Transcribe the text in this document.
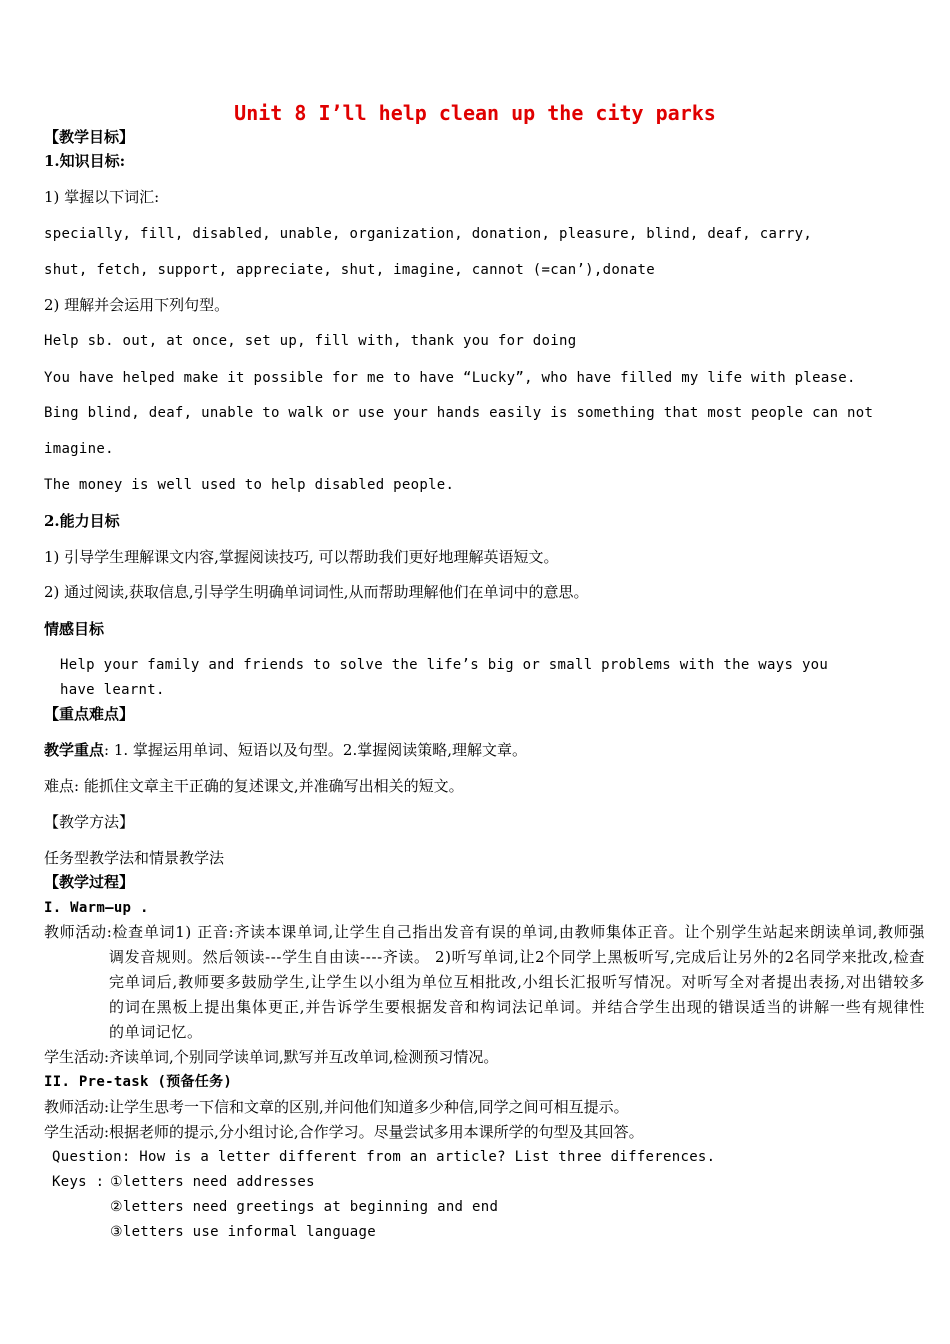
Unit 8 I’ll help clean up the city parks
【教学目标】
1.知识目标:
1) 掌握以下词汇:
specially, fill, disabled, unable, organization, donation, pleasure, blind, deaf, carry,
shut, fetch, support, appreciate, shut, imagine, cannot (=can’),donate
2) 理解并会运用下列句型。
Help sb. out, at once, set up, fill with, thank you for doing
You have helped make it possible for me to have “Lucky”, who have filled my life with please.
Bing blind, deaf, unable to walk or use your hands easily is something that most people can not
imagine.
The money is well used to help disabled people.
2.能力目标
1) 引导学生理解课文内容,掌握阅读技巧, 可以帮助我们更好地理解英语短文。
2) 通过阅读,获取信息,引导学生明确单词词性,从而帮助理解他们在单词中的意思。
情感目标
Help your family and friends to solve the life’s big or small problems with the ways you
have learnt.
【重点难点】
教学重点: 1. 掌握运用单词、短语以及句型。2.掌握阅读策略,理解文章。
难点: 能抓住文章主干正确的复述课文,并准确写出相关的短文。
【教学方法】
任务型教学法和情景教学法
【教学过程】
I. Warm—up .
教师活动:检查单词1) 正音:齐读本课单词,让学生自己指出发音有误的单词,由教师集体正音。让个别学生站起来朗读单词,教师强调发音规则。然后领读---学生自由读----齐读。 2)听写单词,让2个同学上黑板听写,完成后让另外的2名同学来批改,检查完单词后,教师要多鼓励学生,让学生以小组为单位互相批改,小组长汇报听写情况。对听写全对者提出表扬,对出错较多的词在黑板上提出集体更正,并告诉学生要根据发音和构词法记单词。并结合学生出现的错误适当的讲解一些有规律性的单词记忆。
学生活动:齐读单词,个别同学读单词,默写并互改单词,检测预习情况。
II. Pre-task (预备任务)
教师活动:让学生思考一下信和文章的区别,并问他们知道多少种信,同学之间可相互提示。
学生活动:根据老师的提示,分小组讨论,合作学习。尽量尝试多用本课所学的句型及其回答。
Question: How is a letter different from an article? List three differences.
Keys : ①letters need addresses
②letters need greetings at beginning and end
③letters use informal language
